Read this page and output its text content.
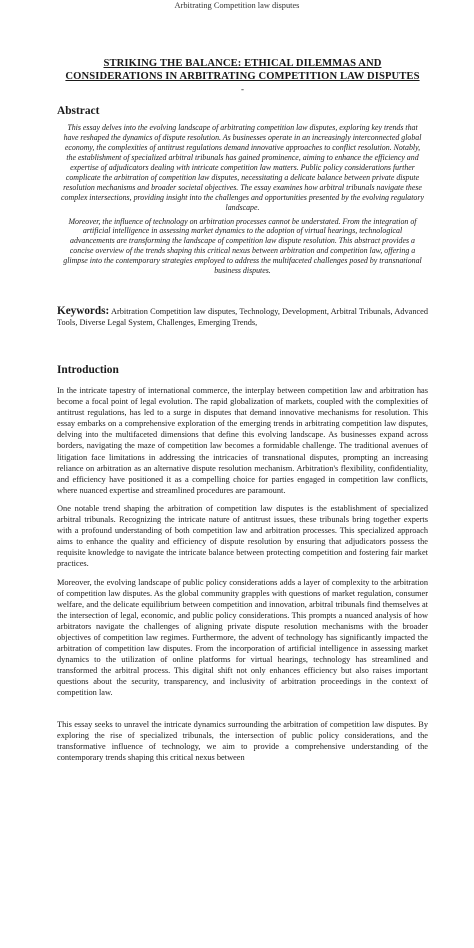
Arbitrating Competition law disputes
STRIKING THE BALANCE: ETHICAL DILEMMAS AND CONSIDERATIONS IN ARBITRATING COMPETITION LAW DISPUTES
-
Abstract

This essay delves into the evolving landscape of arbitrating competition law disputes, exploring key trends that have reshaped the dynamics of dispute resolution. As businesses operate in an increasingly interconnected global economy, the complexities of antitrust regulations demand innovative approaches to conflict resolution. Notably, the establishment of specialized arbitral tribunals has gained prominence, aiming to enhance the efficiency and expertise of adjudicators dealing with intricate competition law matters. Public policy considerations further complicate the arbitration of competition law disputes, necessitating a delicate balance between private dispute resolution mechanisms and broader societal objectives. The essay examines how arbitral tribunals navigate these complex intersections, providing insight into the challenges and opportunities presented by the evolving regulatory landscape.

Moreover, the influence of technology on arbitration processes cannot be understated. From the integration of artificial intelligence in assessing market dynamics to the adoption of virtual hearings, technological advancements are transforming the landscape of competition law dispute resolution. This abstract provides a concise overview of the trends shaping this critical nexus between arbitration and competition law, offering a glimpse into the contemporary strategies employed to address the multifaceted challenges posed by transnational business disputes.

Keywords: Arbitration Competition law disputes, Technology, Development, Arbitral Tribunals, Advanced Tools, Diverse Legal System, Challenges, Emerging Trends,
Introduction

In the intricate tapestry of international commerce, the interplay between competition law and arbitration has become a focal point of legal evolution. The rapid globalization of markets, coupled with the complexities of antitrust regulations, has led to a surge in disputes that demand innovative mechanisms for resolution. This essay embarks on a comprehensive exploration of the emerging trends in arbitrating competition law disputes, delving into the multifaceted dimensions that define this evolving landscape. As businesses expand across borders, navigating the maze of competition law becomes a formidable challenge. The traditional avenues of litigation face limitations in addressing the intricacies of transnational disputes, prompting an increasing reliance on arbitration as an alternative dispute resolution mechanism. Arbitration's flexibility, confidentiality, and efficiency have positioned it as a compelling choice for parties engaged in competition law conflicts, where nuanced expertise and streamlined procedures are paramount.

One notable trend shaping the arbitration of competition law disputes is the establishment of specialized arbitral tribunals. Recognizing the intricate nature of antitrust issues, these tribunals bring together experts with a profound understanding of both competition law and arbitration processes. This specialized approach aims to enhance the quality and efficiency of dispute resolution by ensuring that adjudicators possess the requisite knowledge to navigate the intricate balance between protecting competition and fostering fair market practices.

Moreover, the evolving landscape of public policy considerations adds a layer of complexity to the arbitration of competition law disputes. As the global community grapples with questions of market regulation, consumer welfare, and the delicate equilibrium between competition and innovation, arbitral tribunals find themselves at the intersection of legal, economic, and public policy considerations. This prompts a nuanced analysis of how arbitrators navigate the challenges of aligning private dispute resolution mechanisms with the broader objectives of competition law regimes. Furthermore, the advent of technology has significantly impacted the arbitration of competition law disputes. From the incorporation of artificial intelligence in assessing market dynamics to the utilization of online platforms for virtual hearings, technology has streamlined and transformed the arbitral process. This digital shift not only enhances efficiency but also raises important questions about the security, transparency, and inclusivity of arbitration proceedings in the context of competition law.

This essay seeks to unravel the intricate dynamics surrounding the arbitration of competition law disputes. By exploring the rise of specialized tribunals, the intersection of public policy considerations, and the transformative influence of technology, we aim to provide a comprehensive understanding of the contemporary trends shaping this critical nexus between
